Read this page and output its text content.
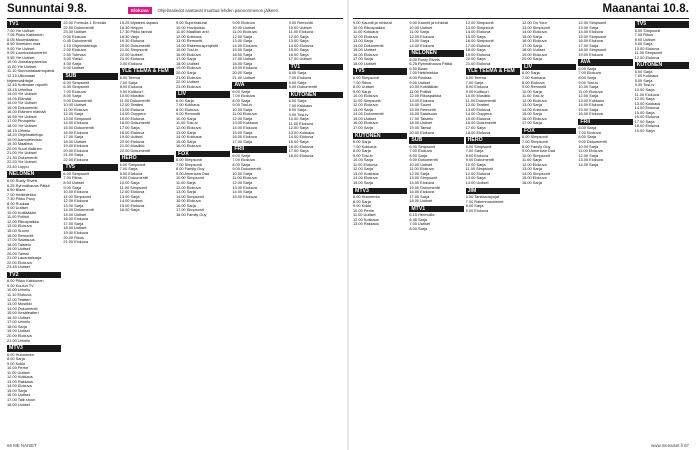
Sunnuntai 9.8.
TV1
7.00 Yle Uutiset
7.05 Pikku Kakkonen
8.05 Muumilaakso
8.50 Ihmeiden maa
9.00 Yle Uutiset
9.05 Luontodokumentti
9.55 Yle Uutiset
10.00 Jumalanpalvelus
11.00 Yle Uutiset
11.10 Sunnuntaiaamupäivä
12.15 Ulkomaan kirjeenvaihtajat
12.45 Kotimaan raportti
13.15 Urheilua
14.00 Yle Uutiset
14.05 Elämää
15.00 Yle Uutiset
15.05 Dokumentti
16.00 Eläinten elämää
16.55 Yle Uutiset
17.00 Pirunpelto
18.00 Yle Uutiset
18.15 Urheilu
18.20 Ohjelmatietoja
19.00 Aamutelevisio
19.30 Maailma
20.00 Suuri illallinen
21.00 Yle Uutiset
21.30 Dokumentti
22.20 Yle Uutiset
23.40 Loppu
NELONEN
6.00 Rusty Rivets
6.25 Ryhmähauva Pätkä
6.50 Blaze
7.00 Hetkiniekka
7.30 Pikku Pony
8.00 Ruokaa
9.00 Uutiset
10.00 Kotilääkäri
11.00 Poliisit
12.00 Rikospaikka
13.00 Elokuva
15.00 Suomi
16.00 Remontti
17.00 Salaisuus
18.00 Taistelu
19.00 Uutiset
20.00 Tanssi
21.00 Lauantaisarja
22.00 Elokuva
23.45 Uutiset
TV2
6.00 Pikku Kakkonen
9.00 Koulun TV
10.00 Urheilu
11.10 Elokuva
12.00 Teatteri
13.00 Musiikki
14.00 Dokumentti
15.00 Kesäteatteri
16.30 Uutiset
17.00 Urheilu
18.00 Sarja
19.00 Uutiset
20.00 Elokuva
21.00 Urheilu
MTV3
6.00 Huomenta
8.00 Sarja
9.00 Kokki
10.00 Perhe
11.00 Uutiset
12.00 Kokkaus
13.00 Rakkaus
14.00 Elokuva
15.00 Sarja
16.00 Uutiset
17.00 Talk show
18.00 Uutiset
22.00 Formula 1 Emmäs
22.50 Dokumentti
23.30 Uutiset
0.00 Elokuva
0.45 Dokumentti
1.15 Ohjelmatietoja
2.00 Elokuva
2.50 Tulevaa
3.00 Yleisö
4.00 Sarja
5.00 Uutiset
SUB
6.00 Simpsonit
6.30 Simpsonit
7.00 Elokuva
8.00 Sarja
9.00 Dokumentti
10.00 Uutiset
11.00 Elokuva
12.00 Sarja
13.00 Simpsonit
14.00 Elokuva
15.00 Dokumentti
16.00 Elokuva
17.00 Sarja
18.00 Uutiset
19.00 Elokuva
20.00 Elokuva
21.00 Sarja
22.00 Elokuva
TV5
6.00 Simpsonit
7.00 Rikos
8.00 Uutiset
9.00 Sarja
10.00 Elokuva
11.00 Simpsonit
12.00 Elokuva
13.00 Sarja
14.00 Dokumentti
15.00 Uutiset
16.00 Elokuva
17.00 Sarja
18.00 Uutiset
19.00 Elokuva
20.00 Rikos
21.00 Elokuva
15.25 Mysteeri-tapaus
16.30 Helppo
17.30 Pikku tarinat
18.30 Varjo
19.30 Elokuva
20.00 Dokumentti
21.00 Simpsonit
22.00 Uutiset
23.00 Elokuva
0.00 Elokuva
YLE TEEMA & FEM
6.00 Teema
7.00 Sarja
8.00 Elokuva
9.00 Kulttuuri
10.00 Musiikki
11.00 Dokumentti
12.00 Teatteri
13.00 Elokuva
14.00 Ooppera
15.00 Elokuva
16.00 Dokumentti
17.00 Sarja
18.00 Elokuva
19.00 Uutiset
20.00 Elokuva
21.00 Musiikki
22.00 Dokumentti
HERO
6.00 Simpsonit
7.00 Sarja
8.00 Elokuva
9.00 Dokumentti
10.00 Sarja
11.00 Simpsonit
12.00 Elokuva
13.00 Sarja
14.00 Uutiset
15.00 Elokuva
16.00 Sarja
9.00 Supernatural
10.00 Huvipuisto
11.00 Maatilan arki
12.00 Kokkaus
13.00 Remontti
14.00 Rakennusprojektit
15.00 Tosi-tv
16.00 Elokuva
17.00 Sarja
18.00 Uutiset
19.00 Elokuva
20.00 Sarja
21.00 Elokuva
22.00 Uutiset
23.00 Elokuva
LIV
6.00 Sarja
7.00 Kokkaus
8.00 Elokuva
9.00 Remontti
10.00 Sarja
11.00 Tosi-tv
12.00 Elokuva
13.00 Sarja
14.00 Kokkaus
15.00 Sarja
16.00 Elokuva
FOX
6.00 Simpsonit
7.00 Simpsonit
8.00 Family Guy
9.00 American Dad
10.00 Simpsonit
11.00 Sarja
12.00 Elokuva
13.00 Sarja
14.00 Simpsonit
15.00 Elokuva
16.00 Sarja
17.00 Simpsonit
18.00 Family Guy
9.00 Elokuva
10.00 Uutiset
11.00 Elokuva
12.00 Sarja
13.00 Sarja
14.00 Elokuva
15.00 Sarja
16.00 Sarja
17.00 Uutiset
18.00 Sarja
19.00 Elokuva
20.00 Sarja
21.00 Uutiset
AVA
6.00 Sarja
7.00 Elokuva
8.00 Sarja
9.00 Tosi-tv
10.00 Sarja
11.00 Elokuva
12.00 Sarja
13.00 Kokkaus
14.00 Elokuva
15.00 Sarja
16.00 Elokuva
17.00 Sarja
FRII
6.00 Sarja
7.00 Elokuva
8.00 Sarja
9.00 Dokumentti
10.00 Sarja
11.00 Elokuva
12.00 Sarja
13.00 Elokuva
14.00 Sarja
15.00 Elokuva
9.00 Remontti
10.00 Uutiset
11.00 Elokuva
12.00 Sarja
13.00 Sarja
14.00 Elokuva
15.00 Sarja
16.00 Sarja
17.00 Uutiset
TV1
6.00 Sarja
7.00 Elokuva
8.00 Sarja
9.00 Dokumentti
KUTONEN
6.00 Sarja
7.00 Kokkaus
8.00 Sarja
9.00 Tosi-tv
10.00 Sarja
11.00 Elokuva
12.00 Sarja
13.00 Kokkaus
14.00 Elokuva
15.00 Sarja
16.00 Elokuva
17.00 Sarja
18.00 Elokuva
66 ME NAISET
Elokuva	Ohjelmatiedot saattavat muuttua lehden painoonmenon jälkeen.	Maanantai 10.8.
9.00 Kauniit ja rohkeat
10.00 Rikospaikka
11.00 Kokkaus
12.00 Elokuva
13.00 Sarja
14.00 Dokumentti
15.00 Uutiset
16.00 Elokuva
17.00 Sarja
18.00 Uutiset
TV5
6.00 Simpsonit
7.00 Rikos
8.00 Uutiset
9.00 Sarja
10.00 Elokuva
11.00 Simpsonit
12.00 Elokuva
13.00 Sarja
14.00 Dokumentti
15.00 Uutiset
16.00 Elokuva
17.00 Sarja
KUTONEN
6.00 Sarja
7.00 Kokkaus
8.00 Sarja
9.00 Tosi-tv
10.00 Sarja
11.00 Elokuva
12.00 Sarja
13.00 Kokkaus
14.00 Elokuva
15.00 Sarja
MTV3
6.00 Huomenta
8.00 Sarja
9.00 Kokki
10.00 Perhe
11.00 Uutiset
12.00 Kokkaus
13.00 Rakkaus
9.00 Kauniit ja rohkeat
10.00 Uutiset
11.00 Sarja
12.00 Elokuva
13.00 Sarja
14.00 Elokuva
NELONEN
6.00 Rusty Rivets
6.25 Ryhmähauva Pätkä
6.50 Blaze
7.00 Hetkiniekka
8.00 Ruokaa
9.00 Uutiset
10.00 Kotilääkäri
11.00 Poliisit
12.00 Rikospaikka
13.00 Elokuva
14.00 Suomi
15.00 Remontti
16.00 Salaisuus
17.00 Taistelu
18.00 Uutiset
19.00 Tanssi
20.00 Elokuva
SUB
6.00 Simpsonit
7.00 Elokuva
8.00 Sarja
9.00 Dokumentti
10.00 Uutiset
11.00 Elokuva
12.00 Sarja
13.00 Simpsonit
14.00 Elokuva
15.00 Dokumentti
16.00 Elokuva
17.00 Sarja
18.00 Uutiset
MTV1
6.15 Hermoilla
6.45 Sarja
7.00 Uutiset
8.00 Sarja
12.00 Simpsonit
13.00 Simpsonit
14.00 Elokuva
15.00 Sarja
16.00 Simpsonit
17.00 Elokuva
18.00 Sarja
19.00 Elokuva
20.00 Sarja
21.00 Elokuva
YLE TEEMA & FEM
6.00 Teema
7.00 Sarja
8.00 Elokuva
9.00 Kulttuuri
10.00 Musiikki
11.00 Dokumentti
12.00 Teatteri
13.00 Elokuva
14.00 Ooppera
15.00 Elokuva
16.00 Dokumentti
17.00 Sarja
18.00 Elokuva
HERO
6.00 Simpsonit
7.00 Sarja
8.00 Elokuva
9.00 Dokumentti
10.00 Sarja
11.00 Simpsonit
12.00 Elokuva
13.00 Sarja
14.00 Uutiset
JIM
6.00 Tankkauspojat
7.00 Rakennusmiehet
8.00 Sarja
9.00 Elokuva
12.00 On Your
13.00 Simpsonit
14.00 Elokuva
15.00 Sarja
16.00 Elokuva
17.00 Sarja
18.00 Uutiset
19.00 Elokuva
20.00 Sarja
LIV
6.00 Sarja
7.00 Kokkaus
8.00 Elokuva
9.00 Remontti
10.00 Sarja
11.00 Tosi-tv
12.00 Elokuva
13.00 Sarja
14.00 Kokkaus
15.00 Sarja
16.00 Elokuva
17.00 Sarja
FOX
6.00 Simpsonit
7.00 Simpsonit
8.00 Family Guy
9.00 American Dad
10.00 Simpsonit
11.00 Sarja
12.00 Elokuva
13.00 Sarja
14.00 Simpsonit
15.00 Elokuva
16.00 Sarja
12.00 Simpsonit
13.00 Sarja
14.00 Elokuva
15.00 Simpsonit
16.00 Elokuva
17.00 Sarja
18.00 Simpsonit
19.00 Elokuva
AVA
6.00 Sarja
7.00 Elokuva
8.00 Sarja
9.00 Tosi-tv
10.00 Sarja
11.00 Elokuva
12.00 Sarja
13.00 Kokkaus
14.00 Elokuva
15.00 Sarja
16.00 Elokuva
FRII
6.00 Sarja
7.00 Elokuva
8.00 Sarja
9.00 Dokumentti
10.00 Sarja
11.00 Elokuva
12.00 Sarja
13.00 Elokuva
14.00 Sarja
TV5
6.00 Simpsonit
7.00 Rikos
8.00 Uutiset
9.00 Sarja
10.00 Elokuva
11.00 Simpsonit
12.00 Elokuva
KUTONEN
6.00 Sarja
7.00 Kokkaus
8.00 Sarja
9.00 Tosi-tv
10.00 Sarja
11.00 Elokuva
12.00 Sarja
13.00 Kokkaus
14.00 Elokuva
15.00 Sarja
16.00 Elokuva
17.00 Sarja
18.00 Elokuva
19.00 Sarja
www.menaiset.fi 67
